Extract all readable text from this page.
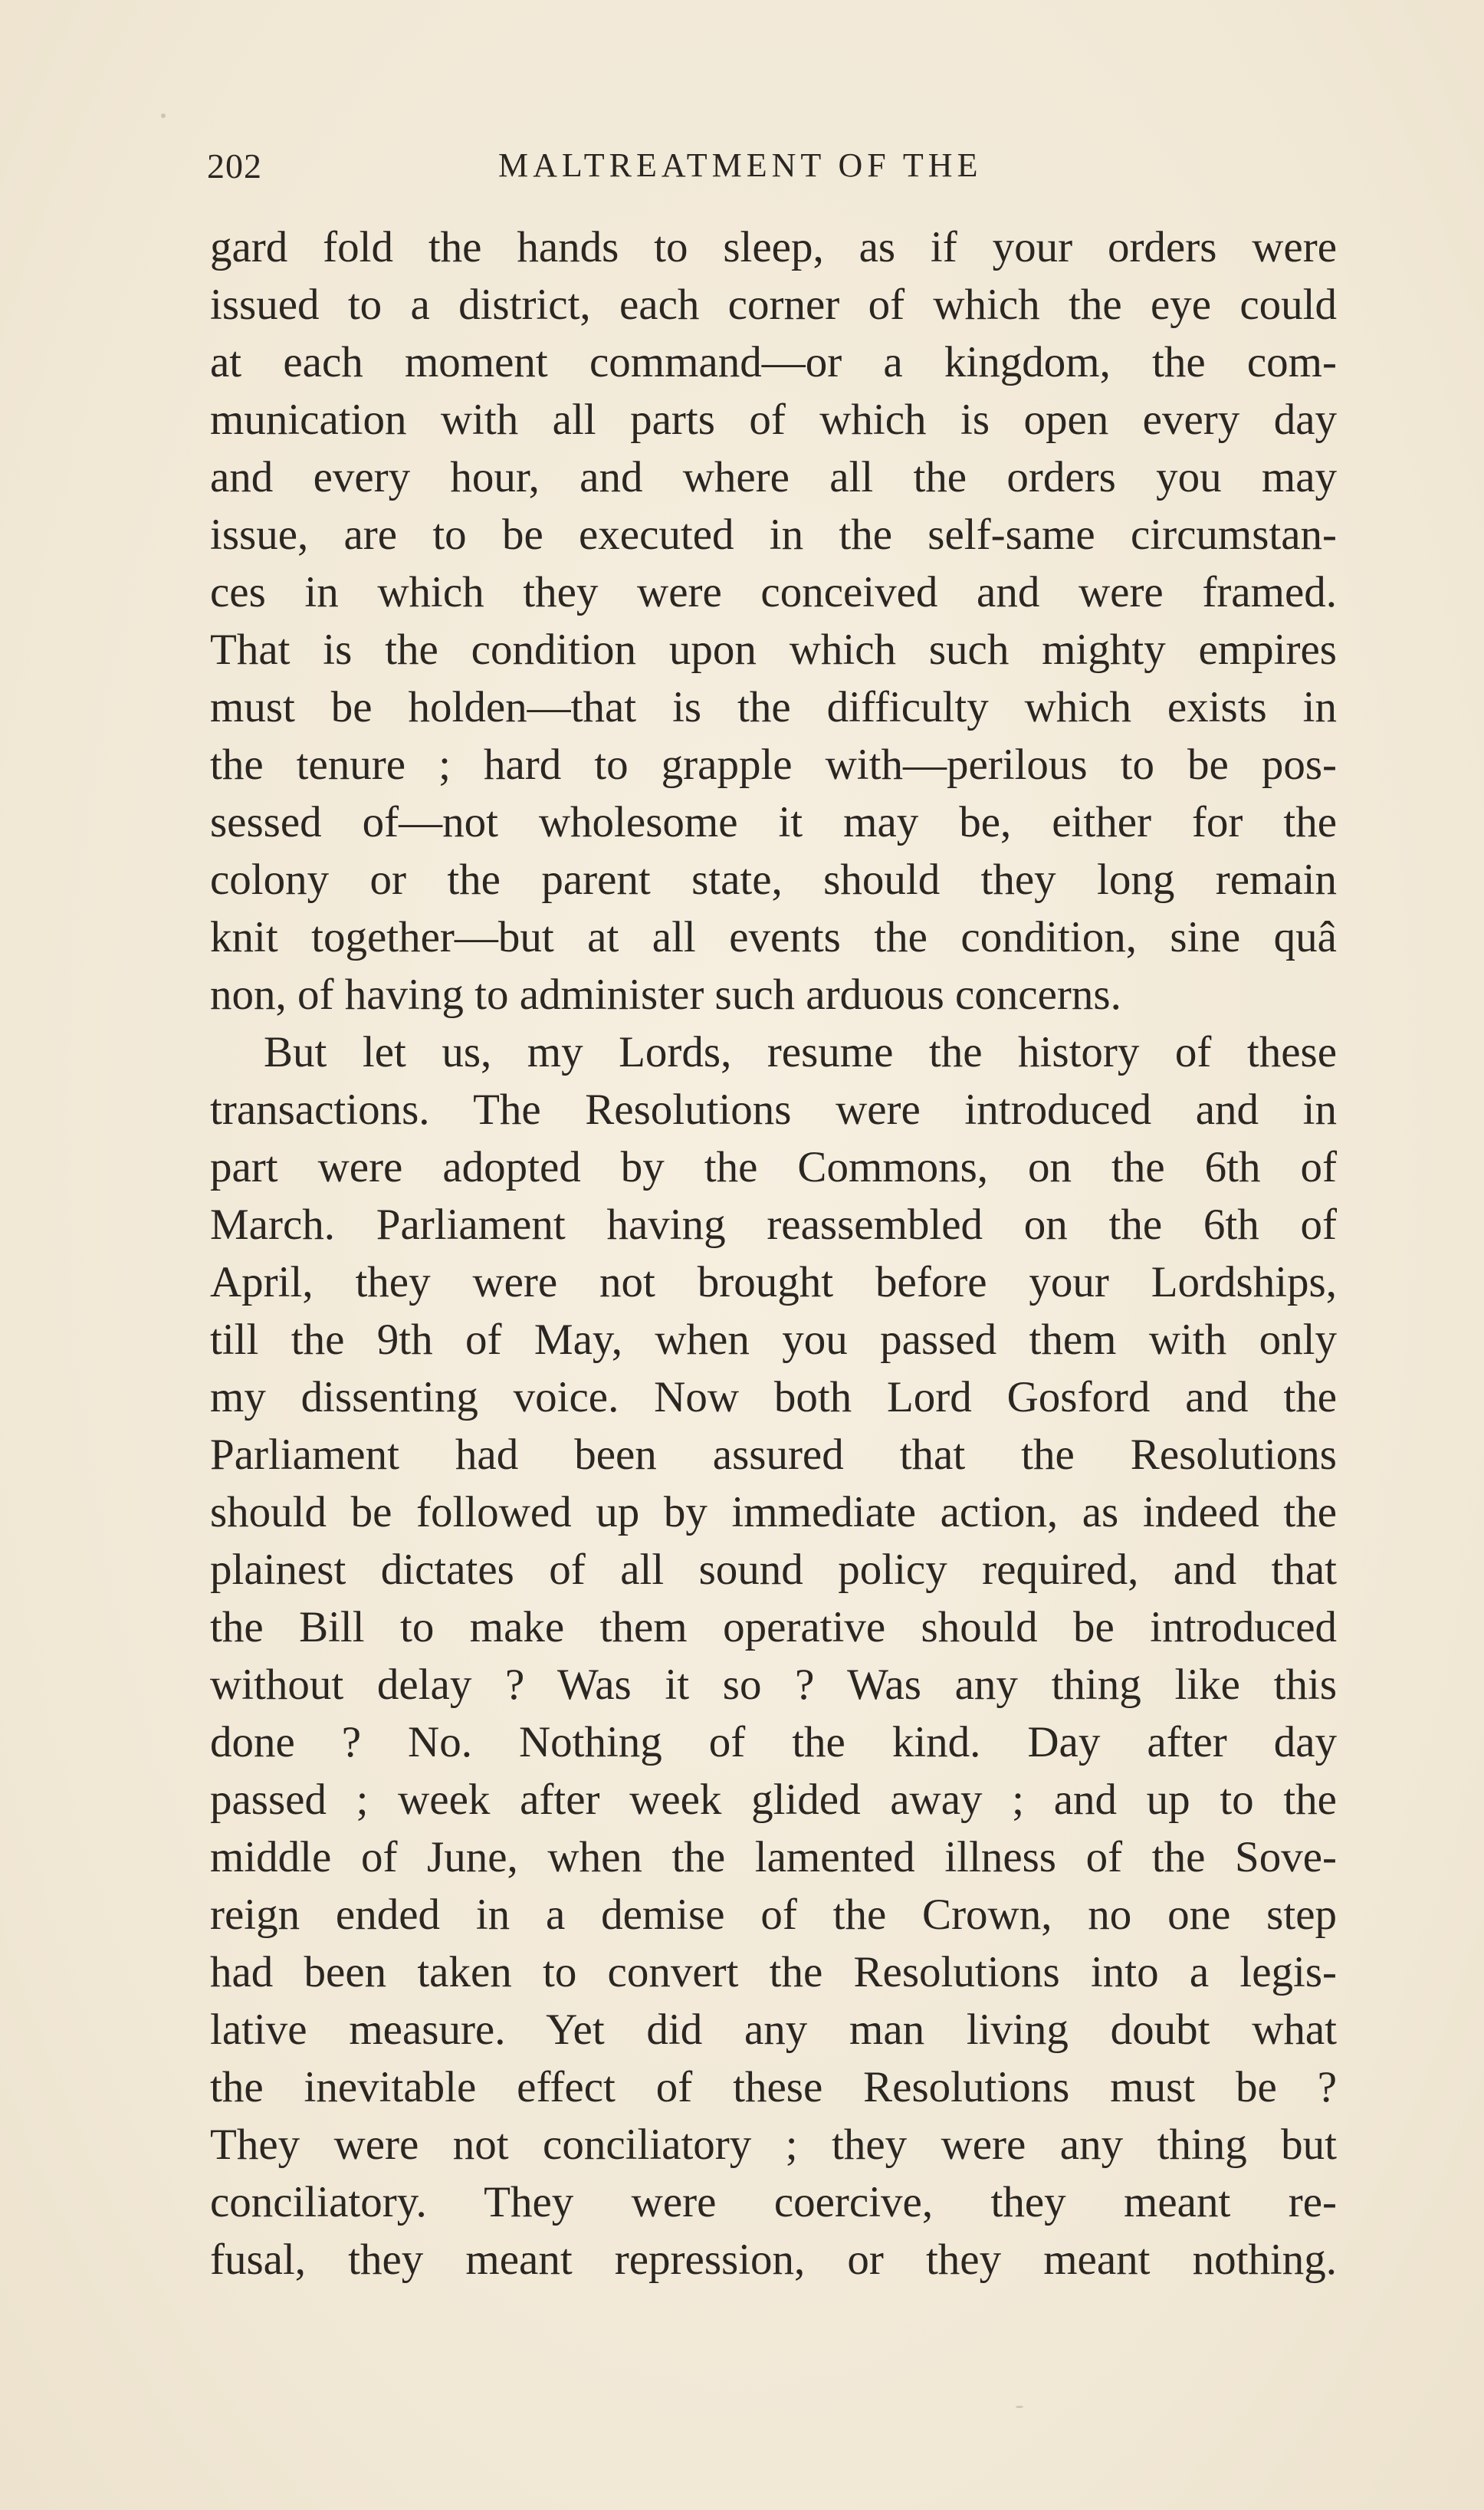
202	MALTREATMENT OF THE
gard fold the hands to sleep, as if your orders were
issued to a district, each corner of which the eye could
at each moment command—or a kingdom, the com-
munication with all parts of which is open every day
and every hour, and where all the orders you may
issue, are to be executed in the self-same circumstan-
ces in which they were conceived and were framed.
That is the condition upon which such mighty empires
must be holden—that is the difficulty which exists in
the tenure ; hard to grapple with—perilous to be pos-
sessed of—not wholesome it may be, either for the
colony or the parent state, should they long remain
knit together—but at all events the condition, sine quâ
non, of having to administer such arduous concerns.
But let us, my Lords, resume the history of these
transactions. The Resolutions were introduced and in
part were adopted by the Commons, on the 6th of
March. Parliament having reassembled on the 6th of
April, they were not brought before your Lordships,
till the 9th of May, when you passed them with only
my dissenting voice. Now both Lord Gosford and the
Parliament had been assured that the Resolutions
should be followed up by immediate action, as indeed the
plainest dictates of all sound policy required, and that
the Bill to make them operative should be introduced
without delay ? Was it so ? Was any thing like this
done ? No. Nothing of the kind. Day after day
passed ; week after week glided away ; and up to the
middle of June, when the lamented illness of the Sove-
reign ended in a demise of the Crown, no one step
had been taken to convert the Resolutions into a legis-
lative measure. Yet did any man living doubt what
the inevitable effect of these Resolutions must be ?
They were not conciliatory ; they were any thing but
conciliatory. They were coercive, they meant re-
fusal, they meant repression, or they meant nothing.
